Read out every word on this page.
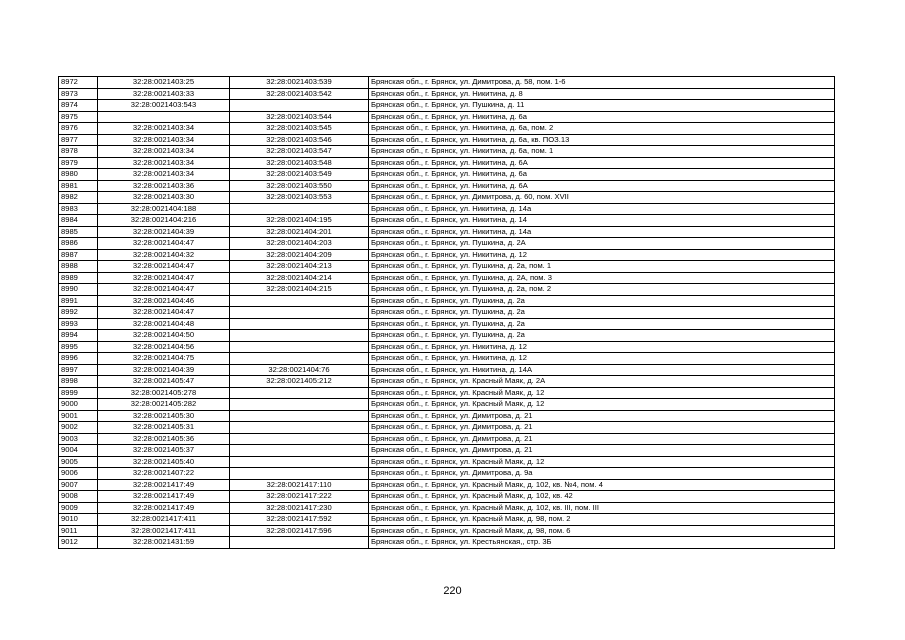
8972	32:28:0021403:25	32:28:0021403:539	Брянская обл., г. Брянск, ул. Димитрова, д. 58, пом. 1-6
8973	32:28:0021403:33	32:28:0021403:542	Брянская обл., г. Брянск, ул. Никитина, д. 8
8974	32:28:0021403:543		Брянская обл., г. Брянск, ул. Пушкина, д. 11
8975		32:28:0021403:544	Брянская обл., г. Брянск, ул. Никитина, д. 6а
8976	32:28:0021403:34	32:28:0021403:545	Брянская обл., г. Брянск, ул. Никитина, д. 6а, пом. 2
8977	32:28:0021403:34	32:28:0021403:546	Брянская обл., г. Брянск, ул. Никитина, д. 6а, кв. ПОЗ.13
8978	32:28:0021403:34	32:28:0021403:547	Брянская обл., г. Брянск, ул. Никитина, д. 6а, пом. 1
8979	32:28:0021403:34	32:28:0021403:548	Брянская обл., г. Брянск, ул. Никитина, д. 6А
8980	32:28:0021403:34	32:28:0021403:549	Брянская обл., г. Брянск, ул. Никитина, д. 6а
8981	32:28:0021403:36	32:28:0021403:550	Брянская обл., г. Брянск, ул. Никитина, д. 6А
8982	32:28:0021403:30	32:28:0021403:553	Брянская обл., г. Брянск, ул. Димитрова, д. 60, пом. XVII
8983	32:28:0021404:188		Брянская обл., г. Брянск, ул. Никитина, д. 14а
8984	32:28:0021404:216	32:28:0021404:195	Брянская обл., г. Брянск, ул. Никитина, д. 14
8985	32:28:0021404:39	32:28:0021404:201	Брянская обл., г. Брянск, ул. Никитина, д. 14а
8986	32:28:0021404:47	32:28:0021404:203	Брянская обл., г. Брянск, ул. Пушкина, д. 2А
8987	32:28:0021404:32	32:28:0021404:209	Брянская обл., г. Брянск, ул. Никитина, д. 12
8988	32:28:0021404:47	32:28:0021404:213	Брянская обл., г. Брянск, ул. Пушкина, д. 2а, пом. 1
8989	32:28:0021404:47	32:28:0021404:214	Брянская обл., г. Брянск, ул. Пушкина, д. 2А, пом. 3
8990	32:28:0021404:47	32:28:0021404:215	Брянская обл., г. Брянск, ул. Пушкина, д. 2а, пом. 2
8991	32:28:0021404:46		Брянская обл., г. Брянск, ул. Пушкина, д. 2а
8992	32:28:0021404:47		Брянская обл., г. Брянск, ул. Пушкина, д. 2а
8993	32:28:0021404:48		Брянская обл., г. Брянск, ул. Пушкина, д. 2а
8994	32:28:0021404:50		Брянская обл., г. Брянск, ул. Пушкина, д. 2а
8995	32:28:0021404:56		Брянская обл., г. Брянск, ул. Никитина, д. 12
8996	32:28:0021404:75		Брянская обл., г. Брянск, ул. Никитина, д. 12
8997	32:28:0021404:39	32:28:0021404:76	Брянская обл., г. Брянск, ул. Никитина, д. 14А
8998	32:28:0021405:47	32:28:0021405:212	Брянская обл., г. Брянск, ул. Красный Маяк, д. 2А
8999	32:28:0021405:278		Брянская обл., г. Брянск, ул. Красный Маяк, д. 12
9000	32:28:0021405:282		Брянская обл., г. Брянск, ул. Красный Маяк, д. 12
9001	32:28:0021405:30		Брянская обл., г. Брянск, ул. Димитрова, д. 21
9002	32:28:0021405:31		Брянская обл., г. Брянск, ул. Димитрова, д. 21
9003	32:28:0021405:36		Брянская обл., г. Брянск, ул. Димитрова, д. 21
9004	32:28:0021405:37		Брянская обл., г. Брянск, ул. Димитрова, д. 21
9005	32:28:0021405:40		Брянская обл., г. Брянск, ул. Красный Маяк, д. 12
9006	32:28:0021407:22		Брянская обл., г. Брянск, ул. Димитрова, д. 9а
9007	32:28:0021417:49	32:28:0021417:110	Брянская обл., г. Брянск, ул. Красный Маяк, д. 102, кв. №4, пом. 4
9008	32:28:0021417:49	32:28:0021417:222	Брянская обл., г. Брянск, ул. Красный Маяк, д. 102, кв. 42
9009	32:28:0021417:49	32:28:0021417:230	Брянская обл., г. Брянск, ул. Красный Маяк, д. 102, кв. III, пом. III
9010	32:28:0021417:411	32:28:0021417:592	Брянская обл., г. Брянск, ул. Красный Маяк, д. 98, пом. 2
9011	32:28:0021417:411	32:28:0021417:596	Брянская обл., г. Брянск, ул. Красный Маяк, д. 98, пом. 6
9012	32:28:0021431:59		Брянская обл., г. Брянск, ул. Крестьянская,, стр. 3Б
220
